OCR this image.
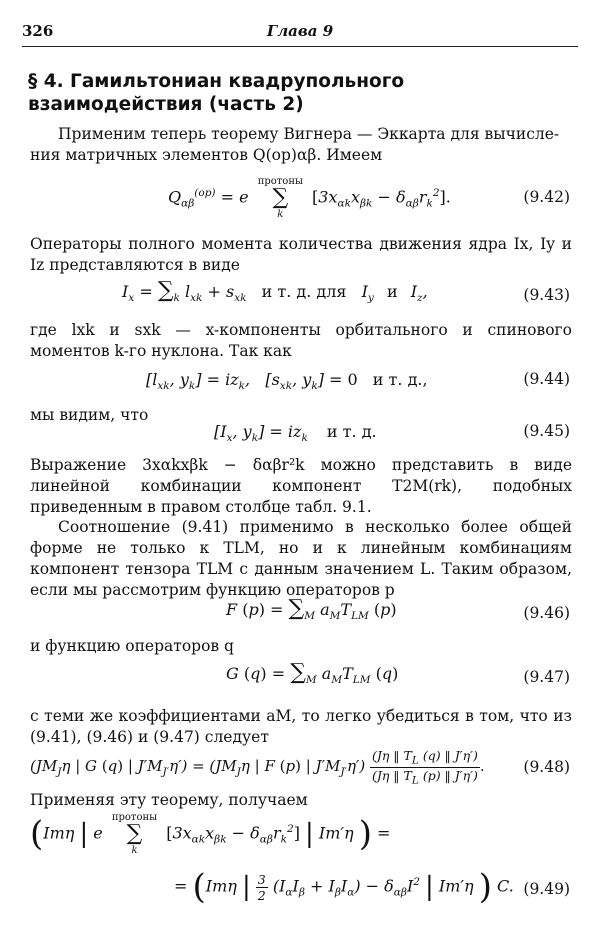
326	Глава 9
§ 4. Гамильтониан квадрупольного
взаимодействия (часть 2)
Применим теперь теорему Вигнера — Эккарта для вычисле-
ния матричных элементов Q(op)αβ. Имеем
$Q_{\alpha\beta}^{(op)} = e$
протоны
∑
k
$[3x_{\alpha k}x_{\beta k} - \delta_{\alpha\beta}r_k^2]$.	(9.42)
Операторы полного момента количества движения ядра Ix, Iy и Iz представляются в виде
$I_x = \sum_k$ $l_{xk} + s_{xk}$ и т. д. для $I_y$ и $I_z$,	(9.43)
где lxk и sxk — x-компоненты орбитального и спинового моментов k-го нуклона. Так как
[$l_{xk}$, $y_k] = iz_k$,   [$s_{xk}$, $y_k] = 0$ и т. д.,	(9.44)
мы видим, что
[$I_x$, $y_k] = iz_k$ и т. д.	(9.45)
Выражение 3xαkxβk − δαβr²k можно представить в виде линейной комбинации компонент T2M(rk), подобных приведенным в правом столбце табл. 9.1.
Соотношение (9.41) применимо в несколько более общей форме не только к TLM, но и к линейным комбинациям компонент тензора TLM с данным значением L. Таким образом, если мы рассмотрим функцию операторов p
F $(p) = \sum_M$ $a_MT_{LM}$ (p)	(9.46)
и функцию операторов q
G $(q) = \sum_M$ $a_MT_{LM}$ (q)	(9.47)
с теми же коэффициентами aM, то легко убедиться в том, что из (9.41), (9.46) и (9.47) следует
($JM_J\eta$ | G (q) | $J'M_{J'}\eta') = (JM_J\eta$ | F (p) | $J'M_{J'}\eta') \frac{(J\eta ‖ T_L (q) ‖ J'\eta')}{(J\eta ‖ T_L (p) ‖ J'\eta')}$ .	(9.48)
Применяя эту теорему, получаем
(Imη | e
протоны
∑
k
$[3x_{\alpha k}x_{\beta k} - \delta_{\alpha\beta}r_k^2]$ | Im′η ) =
= (Imη | $\frac{3}{2} (I_\alpha I_\beta + I_\beta I_\alpha) - \delta_{\alpha\beta}I^2$ | Im′η ) C. (9.49)
